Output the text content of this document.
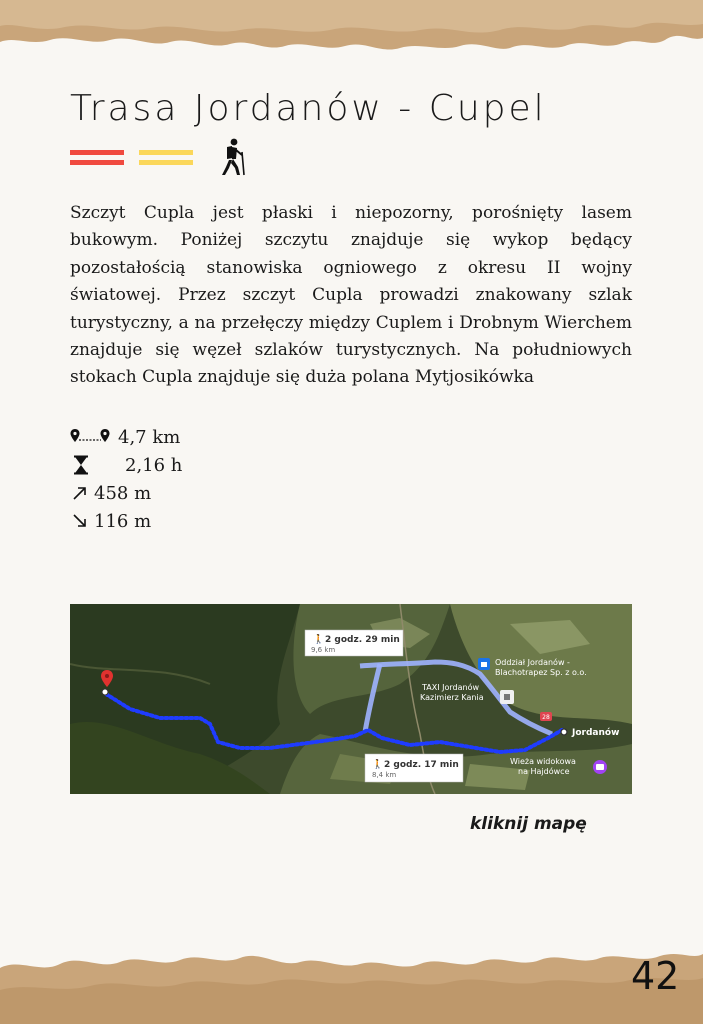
Trasa Jordanów - Cupel

Szczyt Cupla jest płaski i niepozorny, porośnięty lasem bukowym. Poniżej szczytu znajduje się wykop będący pozostałością stanowiska ogniowego z okresu II wojny światowej. Przez szczyt Cupla prowadzi znakowany szlak turystyczny, a na przełęczy między Cuplem i Drobnym Wierchem znajduje się węzeł szlaków turystycznych. Na południowych stokach Cupla znajduje się duża polana Mytjosikówka

4,7 km
2,16 h
458 m
116 m
28
🚶 2 godz. 29 min
9,6 km
🚶 2 godz. 17 min
8,4 km
Oddział Jordanów -
Blachotrapez Sp. z o.o.
TAXI Jordanów
Kazimierz Kania
Jordanów
Wieża widokowa
na Hajdówce
kliknij mapę
42
